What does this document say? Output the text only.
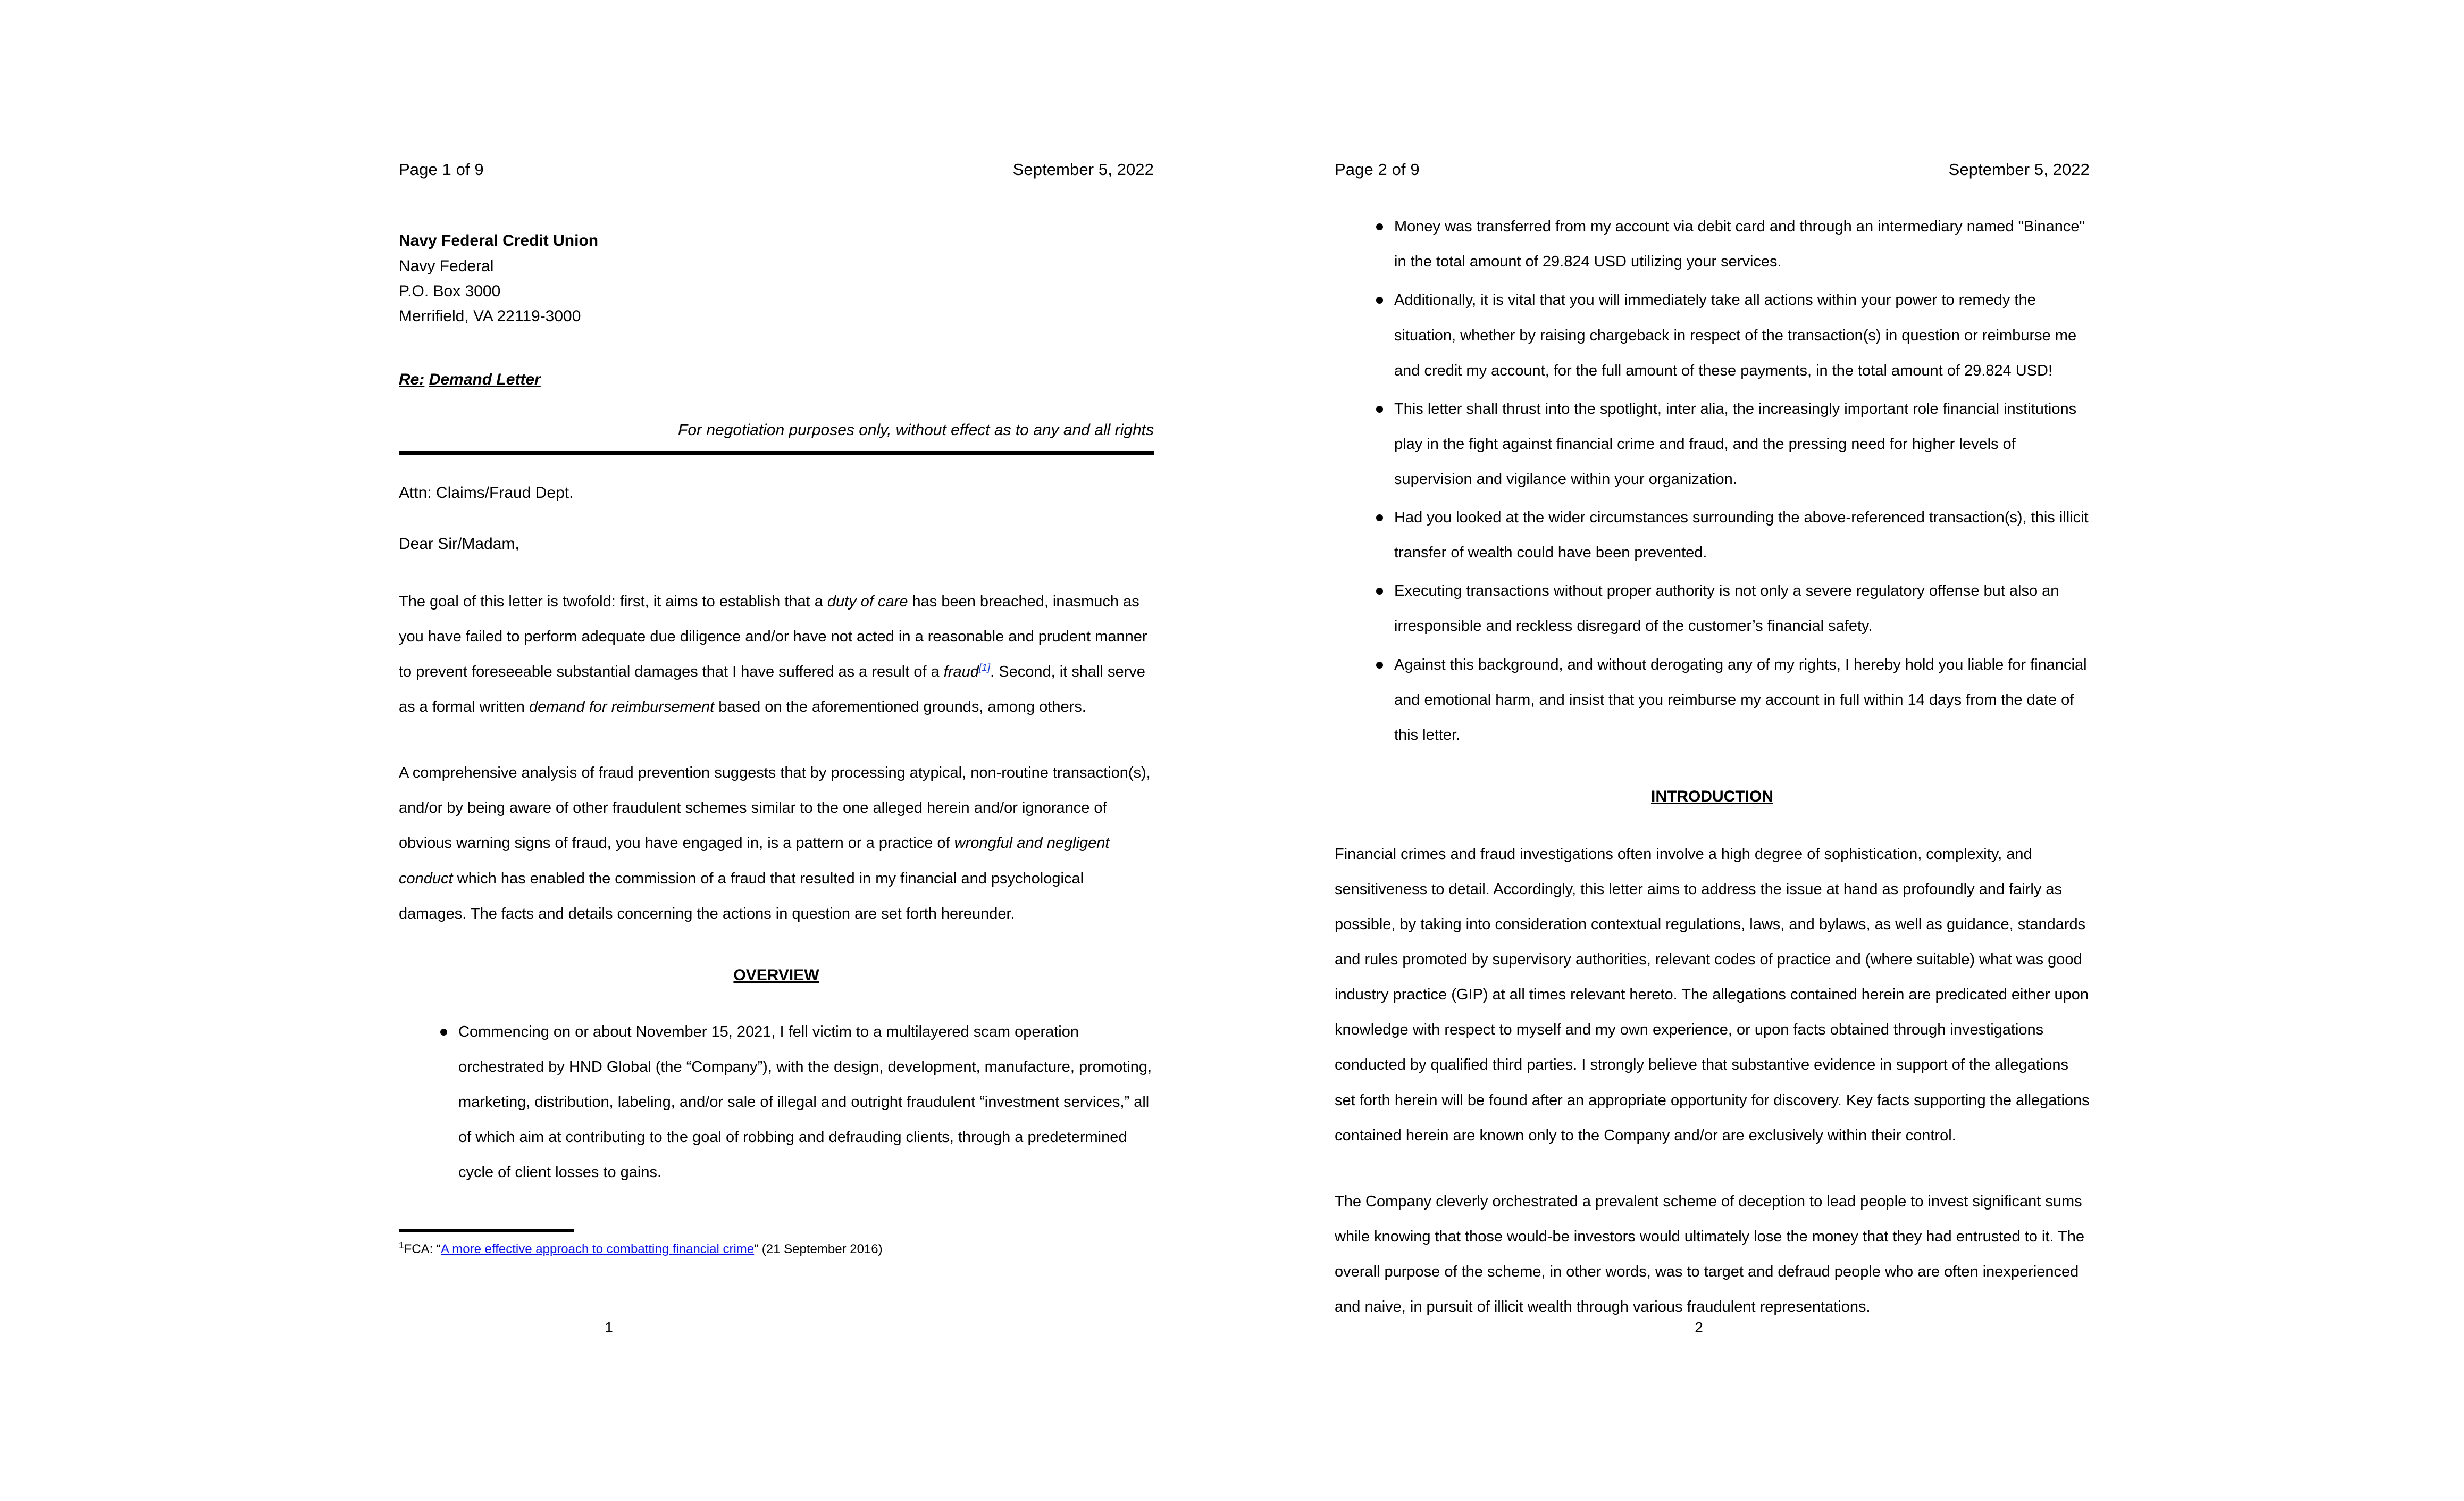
Page 1 of 9	September 5, 2022
Navy Federal Credit Union
Navy Federal
P.O. Box 3000
Merrifield, VA 22119-3000
Re: Demand Letter
For negotiation purposes only, without effect as to any and all rights
Attn: Claims/Fraud Dept.
Dear Sir/Madam,

The goal of this letter is twofold: first, it aims to establish that a duty of care has been breached, inasmuch as you have failed to perform adequate due diligence and/or have not acted in a reasonable and prudent manner to prevent foreseeable substantial damages that I have suffered as a result of a fraud[1]. Second, it shall serve as a formal written demand for reimbursement based on the aforementioned grounds, among others.

A comprehensive analysis of fraud prevention suggests that by processing atypical, non-routine transaction(s), and/or by being aware of other fraudulent schemes similar to the one alleged herein and/or ignorance of obvious warning signs of fraud, you have engaged in, is a pattern or a practice of wrongful and negligent conduct which has enabled the commission of a fraud that resulted in my financial and psychological damages. The facts and details concerning the actions in question are set forth hereunder.

OVERVIEW
Commencing on or about November 15, 2021, I fell victim to a multilayered scam operation orchestrated by HND Global (the “Company”), with the design, development, manufacture, promoting, marketing, distribution, labeling, and/or sale of illegal and outright fraudulent “investment services,” all of which aim at contributing to the goal of robbing and defrauding clients, through a predetermined cycle of client losses to gains.
$^1$FCA: “A more effective approach to combatting financial crime” (21 September 2016)
1
Page 2 of 9	September 5, 2022
Money was transferred from my account via debit card and through an intermediary named "Binance" in the total amount of 29.824 USD utilizing your services.
Additionally, it is vital that you will immediately take all actions within your power to remedy the situation, whether by raising chargeback in respect of the transaction(s) in question or reimburse me and credit my account, for the full amount of these payments, in the total amount of 29.824 USD!
This letter shall thrust into the spotlight, inter alia, the increasingly important role financial institutions play in the fight against financial crime and fraud, and the pressing need for higher levels of supervision and vigilance within your organization.
Had you looked at the wider circumstances surrounding the above-referenced transaction(s), this illicit transfer of wealth could have been prevented.
Executing transactions without proper authority is not only a severe regulatory offense but also an irresponsible and reckless disregard of the customer’s financial safety.
Against this background, and without derogating any of my rights, I hereby hold you liable for financial and emotional harm, and insist that you reimburse my account in full within 14 days from the date of this letter.
INTRODUCTION

Financial crimes and fraud investigations often involve a high degree of sophistication, complexity, and sensitiveness to detail. Accordingly, this letter aims to address the issue at hand as profoundly and fairly as possible, by taking into consideration contextual regulations, laws, and bylaws, as well as guidance, standards and rules promoted by supervisory authorities, relevant codes of practice and (where suitable) what was good industry practice (GIP) at all times relevant hereto. The allegations contained herein are predicated either upon knowledge with respect to myself and my own experience, or upon facts obtained through investigations conducted by qualified third parties. I strongly believe that substantive evidence in support of the allegations set forth herein will be found after an appropriate opportunity for discovery. Key facts supporting the allegations contained herein are known only to the Company and/or are exclusively within their control.

The Company cleverly orchestrated a prevalent scheme of deception to lead people to invest significant sums while knowing that those would-be investors would ultimately lose the money that they had entrusted to it. The overall purpose of the scheme, in other words, was to target and defraud people who are often inexperienced and naive, in pursuit of illicit wealth through various fraudulent representations.

2
